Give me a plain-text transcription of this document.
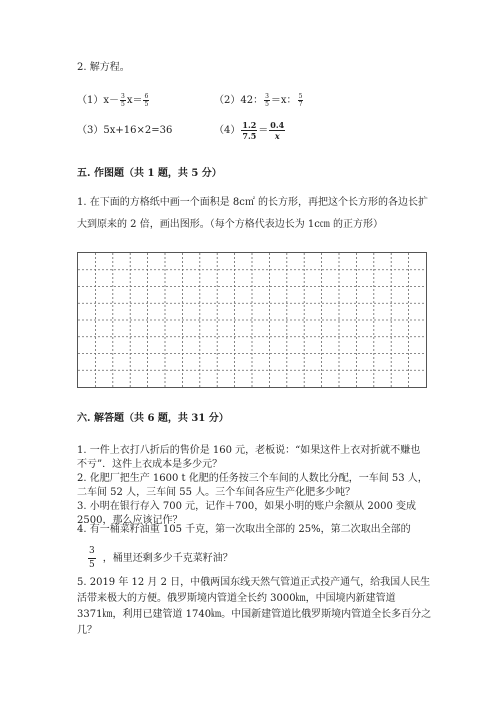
2. 解方程。
$(1)x- \frac{3}{5} x= \frac{6}{5}$	（2）42： $\frac{3}{5} =x$： $\frac{5}{7}$
（3）5x+16×2=36	$(4) \frac{1.2}{7.5} = \frac{0.4}{x}$
五. 作图题（共 1 题，共 5 分）
1. 在下面的方格纸中画一个面积是 8c㎡ 的长方形，再把这个长方形的各边长扩
大到原来的 2 倍，画出图形。（每个方格代表边长为 1c㎝ 的正方形）
六. 解答题（共 6 题，共 31 分）
1. 一件上衣打八折后的售价是 160 元，老板说：“如果这件上衣对折就不赚也
不亏”．这件上衣成本是多少元？
2. 化肥厂把生产 1600 t 化肥的任务按三个车间的人数比分配，一车间 53 人，
二车间 52 人，三车间 55 人。三个车间各应生产化肥多少吨？
3. 小明在银行存入 700 元，记作＋700，如果小明的账户余额从 2000 变成
2500，那么应该记作？
4. 有一桶菜籽油重 105 千克，第一次取出全部的 25%，第二次取出全部的
$\frac{3}{5}$ ，桶里还剩多少千克菜籽油？
5. 2019 年 12 月 2 日，中俄两国东线天然气管道正式投产通气，给我国人民生
活带来极大的方便。俄罗斯境内管道全长约 3000㎞，中国境内新建管道
3371㎞，利用已建管道 1740㎞。中国新建管道比俄罗斯境内管道全长多百分之
几？
